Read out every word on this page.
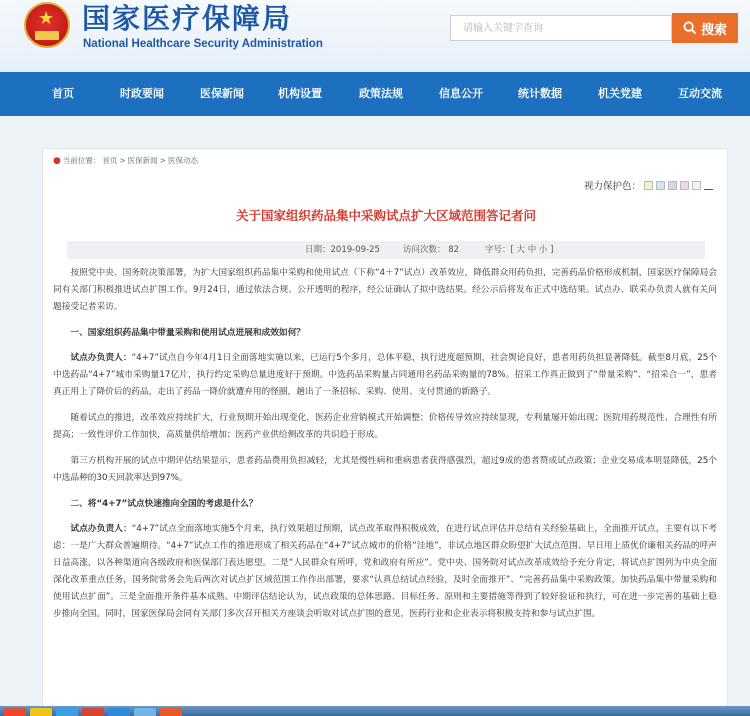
★ 国家医疗保障局
National Healthcare Security Administration
请输入关键字查询
搜索
首页	时政要闻	医保新闻	机构设置	政策法规	信息公开	统计数据	机关党建	互动交流
● 当前位置： 首页 > 医保新闻 > 医保动态
视力保护色：
关于国家组织药品集中采购试点扩大区域范围答记者问
日期：2019-09-25	访问次数： 82	字号：[ 大 中 小 ]

按照党中央、国务院决策部署，为扩大国家组织药品集中采购和使用试点（下称“4＋7”试点）改革效应，降低群众用药负担，完善药品价格形成机制，国家医疗保障局会同有关部门积极推进试点扩围工作。9月24日，通过依法合规、公开透明的程序，经公证确认了拟中选结果。经公示后将发布正式中选结果。试点办、联采办负责人就有关问题接受记者采访。

一、国家组织药品集中带量采购和使用试点进展和成效如何？

试点办负责人：“4+7”试点自今年4月1日全面落地实施以来，已运行5个多月，总体平稳，执行进度超预期，社会舆论良好，患者用药负担显著降低。截至8月底，25个中选药品“4+7”城市采购量17亿片，执行约定采购总量进度好于预期。中选药品采购量占同通用名药品采购量的78%。招采工作真正做到了“带量采购”、“招采合一”，患者真正用上了降价后的药品，走出了药品一降价就遭弃用的怪圈，趟出了一条招标、采购、使用、支付贯通的新路子。

随着试点的推进，改革效应持续扩大，行业预期开始出现变化，医药企业营销模式开始调整；价格传导效应持续显现，专利量屡开始出现；医院用药规范性、合理性有所提高；一致性评价工作加快，高质量供给增加；医药产业供给侧改革的共识趋于形成。

第三方机构开展的试点中期评估结果显示，患者药品费用负担减轻，尤其是慢性病和重病患者获得感强烈，超过9成的患者赞成试点政策；企业交易成本明显降低，25个中选品种的30天回款率达到97%。

二、将“4+7”试点快速推向全国的考虑是什么？

试点办负责人：“4+7”试点全面落地实施5个月来，执行效果超过预期，试点改革取得积极成效，在进行试点评估并总结有关经验基础上，全面推开试点，主要有以下考虑：一是广大群众普遍期待。“4+7”试点工作的推进形成了相关药品在“4+7”试点城市的价格“洼地”，非试点地区群众盼望扩大试点范围、早日用上质优价廉相关药品的呼声日益高涨，以各种渠道向各级政府和医保部门表达愿望。二是“人民群众有所呼，党和政府有所应”。党中央、国务院对试点改革成效给予充分肯定，将试点扩围列为中央全面深化改革重点任务，国务院常务会先后两次对试点扩区域范围工作作出部署，要求“认真总结试点经验，及时全面推开”、“完善药品集中采购政策，加快药品集中带量采购和使用试点扩面”。三是全面推开条件基本成熟。中期评估结论认为，试点政策的总体思路、目标任务、原则和主要措施等得到了较好验证和执行，可在进一步完善的基础上稳步推向全国。同时，国家医保局会同有关部门多次召开相关方座谈会听取对试点扩围的意见，医药行业和企业表示将积极支持和参与试点扩围。
